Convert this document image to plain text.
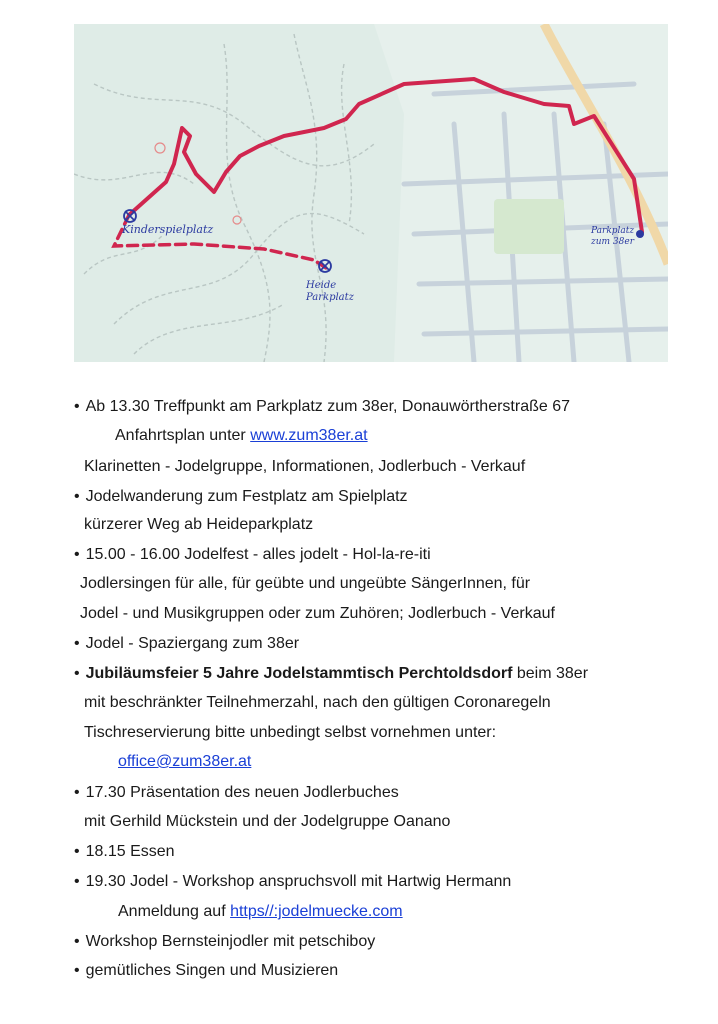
Kinderspielplatz
Heide
Parkplatz
Parkplatz
zum 38er
• Ab 13.30 Treffpunkt am Parkplatz zum 38er, Donauwörtherstraße 67
Anfahrtsplan unter www.zum38er.at
Klarinetten - Jodelgruppe, Informationen, Jodlerbuch - Verkauf
• Jodelwanderung zum Festplatz am Spielplatz
kürzerer Weg ab Heideparkplatz
• 15.00 - 16.00 Jodelfest - alles jodelt - Hol-la-re-iti
Jodlersingen für alle, für geübte und ungeübte SängerInnen, für
Jodel - und Musikgruppen oder zum Zuhören; Jodlerbuch - Verkauf
• Jodel - Spaziergang zum 38er
• Jubiläumsfeier 5 Jahre Jodelstammtisch Perchtoldsdorf beim 38er
mit beschränkter Teilnehmerzahl, nach den gültigen Coronaregeln
Tischreservierung bitte unbedingt selbst vornehmen unter:
office@zum38er.at
• 17.30 Präsentation des neuen Jodlerbuches
mit Gerhild Mückstein und der Jodelgruppe Oanano
• 18.15 Essen
• 19.30 Jodel - Workshop anspruchsvoll mit Hartwig Hermann
Anmeldung auf https//:jodelmuecke.com
• Workshop Bernsteinjodler mit petschiboy
• gemütliches Singen und Musizieren
